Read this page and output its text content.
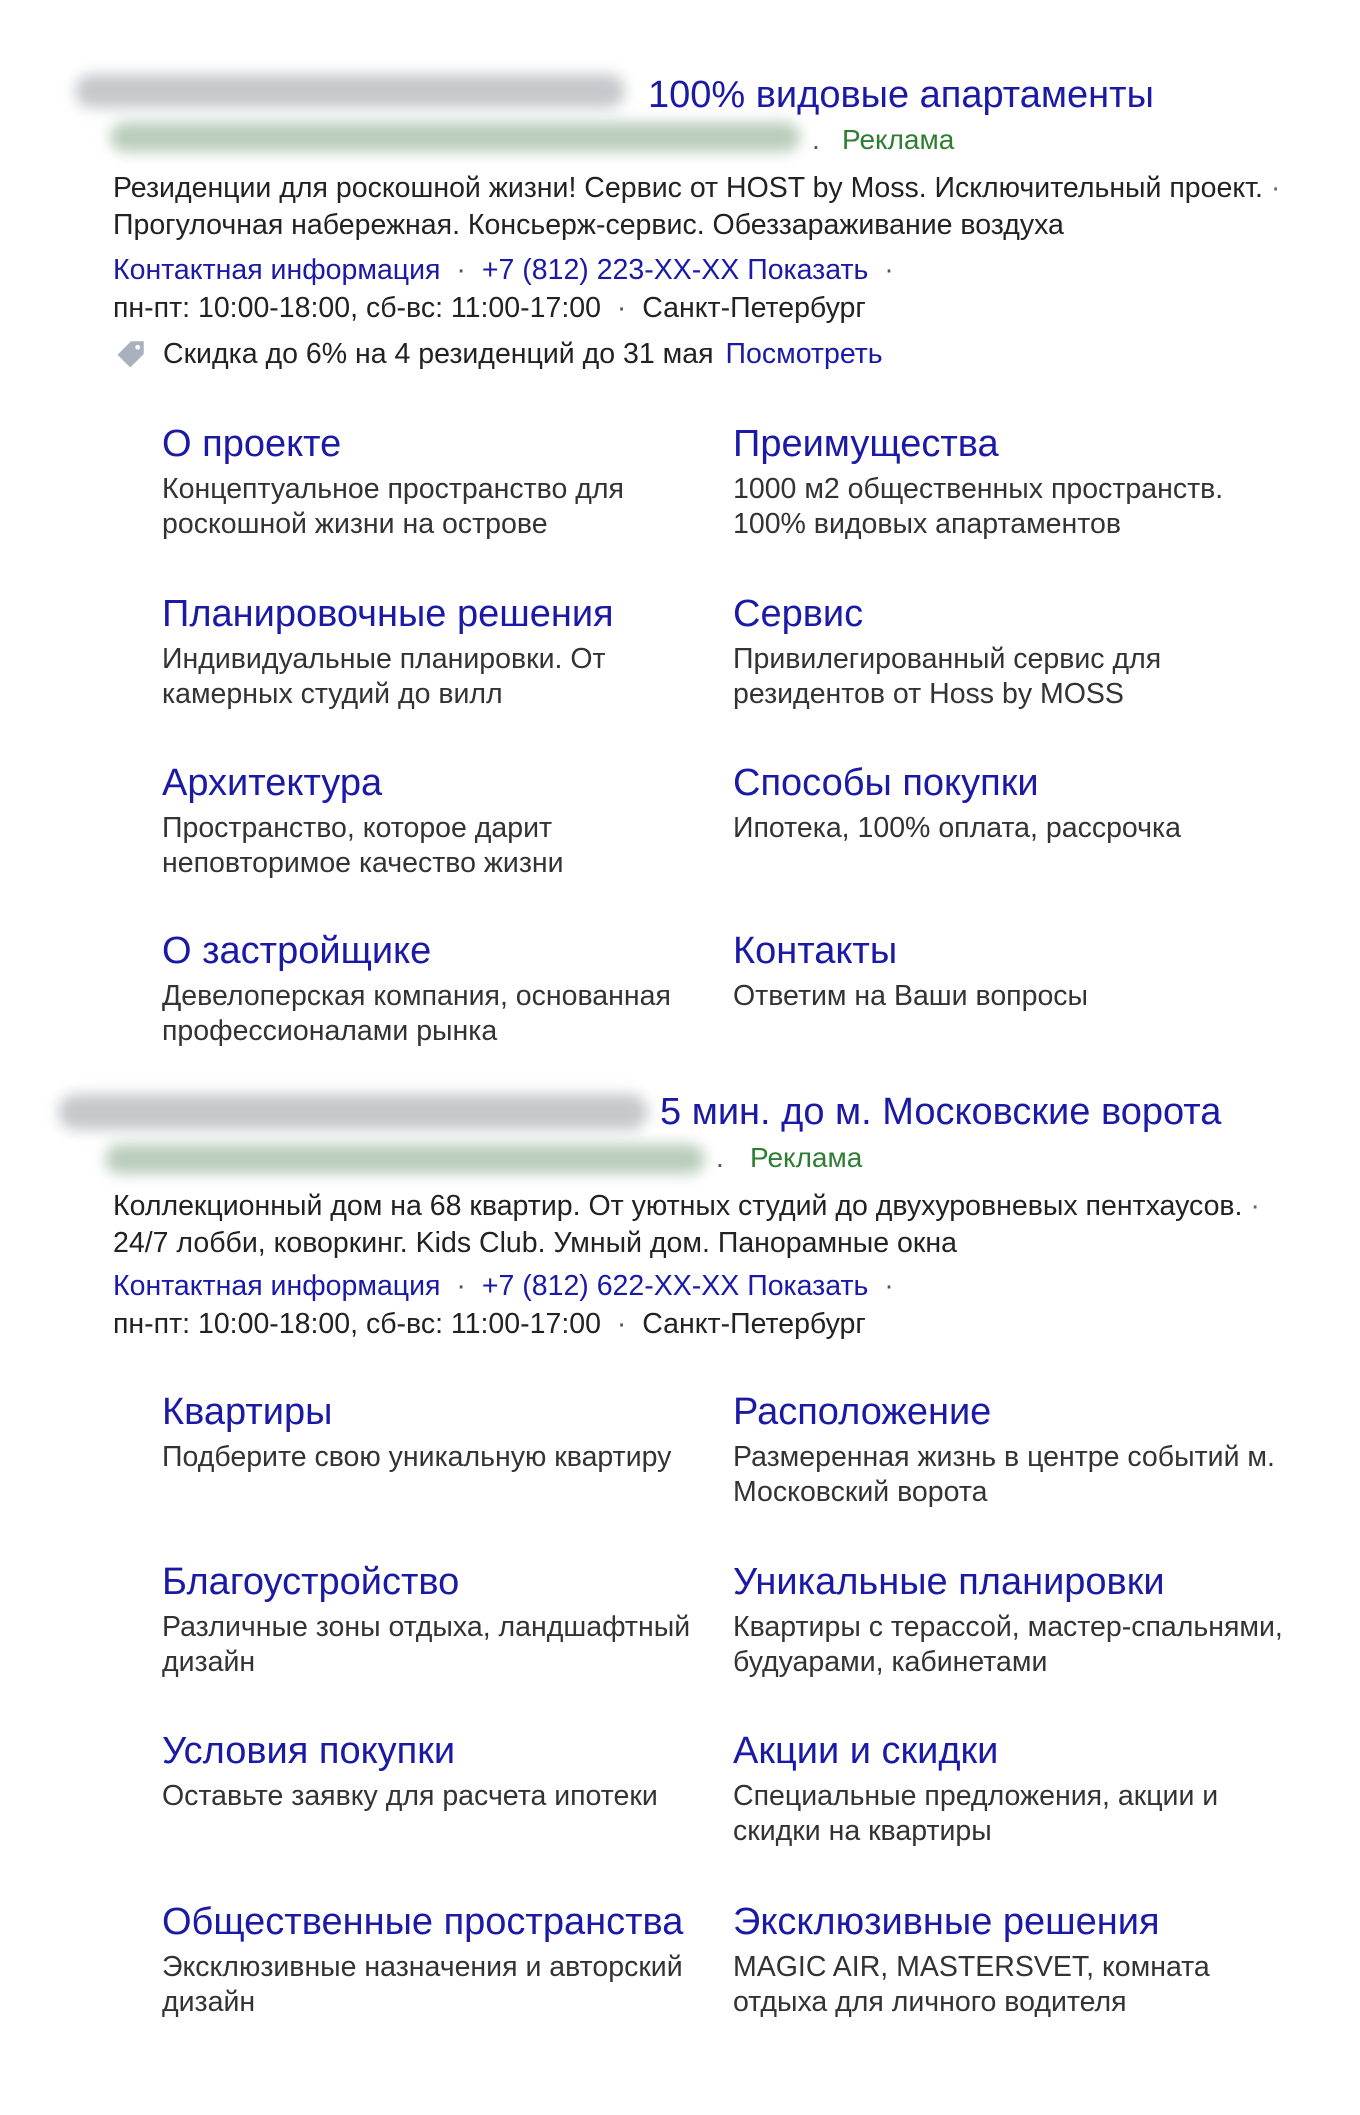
100% видовые апартаменты
. Реклама
Резиденции для роскошной жизни! Сервис от HOST by Moss. Исключительный проект. ·
Прогулочная набережная. Консьерж-сервис. Обеззараживание воздуха
Контактная информация · +7 (812) 223-XX-XX Показать ·
пн-пт: 10:00-18:00, сб-вс: 11:00-17:00 · Санкт-Петербург
Скидка до 6% на 4 резиденций до 31 мая Посмотреть
О проекте
Концептуальное пространство для роскошной жизни на острове
Преимущества
1000 м2 общественных пространств. 100% видовых апартаментов
Планировочные решения
Индивидуальные планировки. От камерных студий до вилл
Сервис
Привилегированный сервис для резидентов от Hoss by MOSS
Архитектура
Пространство, которое дарит неповторимое качество жизни
Способы покупки
Ипотека, 100% оплата, рассрочка
О застройщике
Девелоперская компания, основанная профессионалами рынка
Контакты
Ответим на Ваши вопросы
5 мин. до м. Московские ворота
. Реклама
Коллекционный дом на 68 квартир. От уютных студий до двухуровневых пентхаусов. ·
24/7 лобби, коворкинг. Kids Club. Умный дом. Панорамные окна
Контактная информация · +7 (812) 622-XX-XX Показать ·
пн-пт: 10:00-18:00, сб-вс: 11:00-17:00 · Санкт-Петербург
Квартиры
Подберите свою уникальную квартиру
Расположение
Размеренная жизнь в центре событий м. Московский ворота
Благоустройство
Различные зоны отдыха, ландшафтный дизайн
Уникальные планировки
Квартиры с терассой, мастер-спальнями, будуарами, кабинетами
Условия покупки
Оставьте заявку для расчета ипотеки
Акции и скидки
Специальные предложения, акции и скидки на квартиры
Общественные пространства
Эксклюзивные назначения и авторский дизайн
Эксклюзивные решения
MAGIC AIR, MASTERSVET, комната отдыха для личного водителя
